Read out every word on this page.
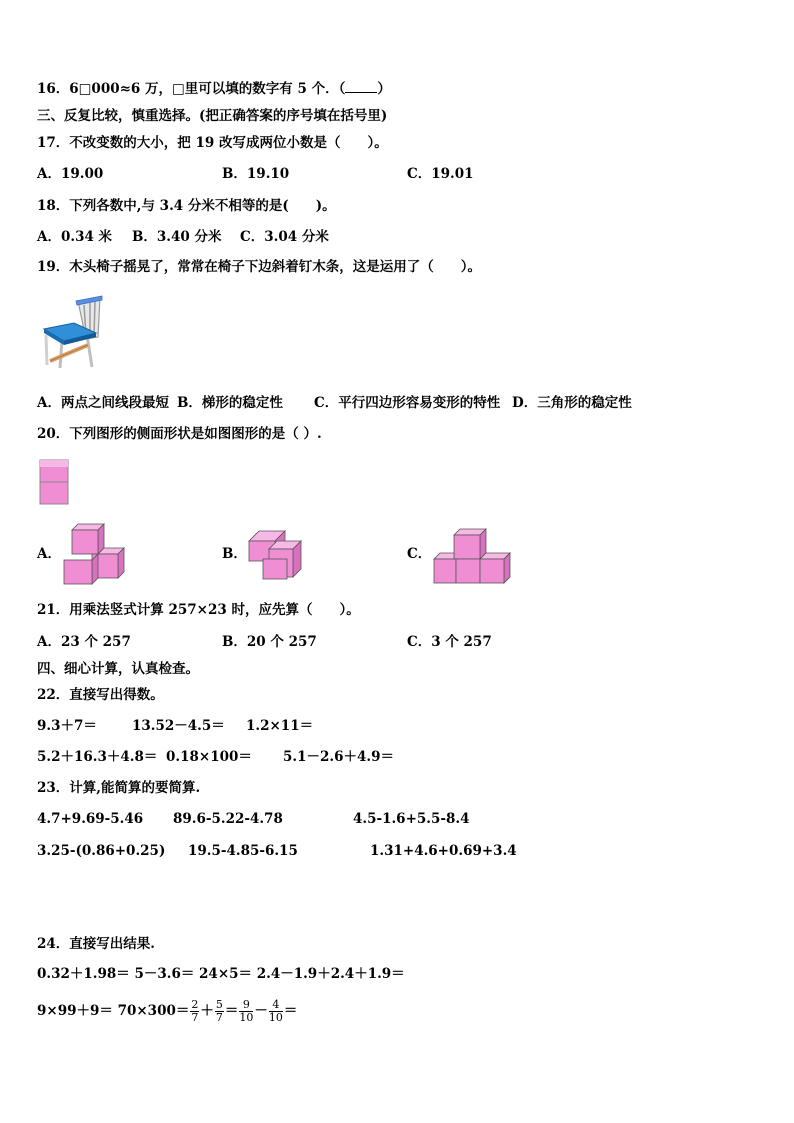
16．6□000≈6 万，□里可以填的数字有 5 个．（ ）
三、反复比较，慎重选择。(把正确答案的序号填在括号里)
17．不改变数的大小，把 19 改写成两位小数是（　　）。
A．19.00	B．19.10	C．19.01
18．下列各数中,与 3.4 分米不相等的是(　　)。
A．0.34 米 B．3.40 分米 C．3.04 分米
19．木头椅子摇晃了，常常在椅子下边斜着钉木条，这是运用了（　　）。
A．两点之间线段最短 B．梯形的稳定性 C．平行四边形容易变形的特性 D．三角形的稳定性
20．下列图形的侧面形状是如图图形的是（ ）.
A．	B．	C．
21．用乘法竖式计算 257×23 时，应先算（　　）。
A．23 个 257	B．20 个 257	C．3 个 257
四、细心计算，认真检查。
22．直接写出得数。
9.3＋7＝	13.52－4.5＝ 1.2×11＝
5.2＋16.3＋4.8＝ 0.18×100＝ 5.1－2.6＋4.9＝
23．计算,能简算的要简算.
4.7+9.69-5.46 89.6-5.22-4.78	4.5-1.6+5.5-8.4
3.25-(0.86+0.25) 19.5-4.85-6.15	1.31+4.6+0.69+3.4
24．直接写出结果.
0.32＋1.98＝ 5－3.6＝ 24×5＝ 2.4－1.9＋2.4＋1.9＝
$9\times 99+9= 70\times 300= \frac{2}{7} + \frac{5}{7} = \frac{9}{10} - \frac{4}{10}$ ＝
